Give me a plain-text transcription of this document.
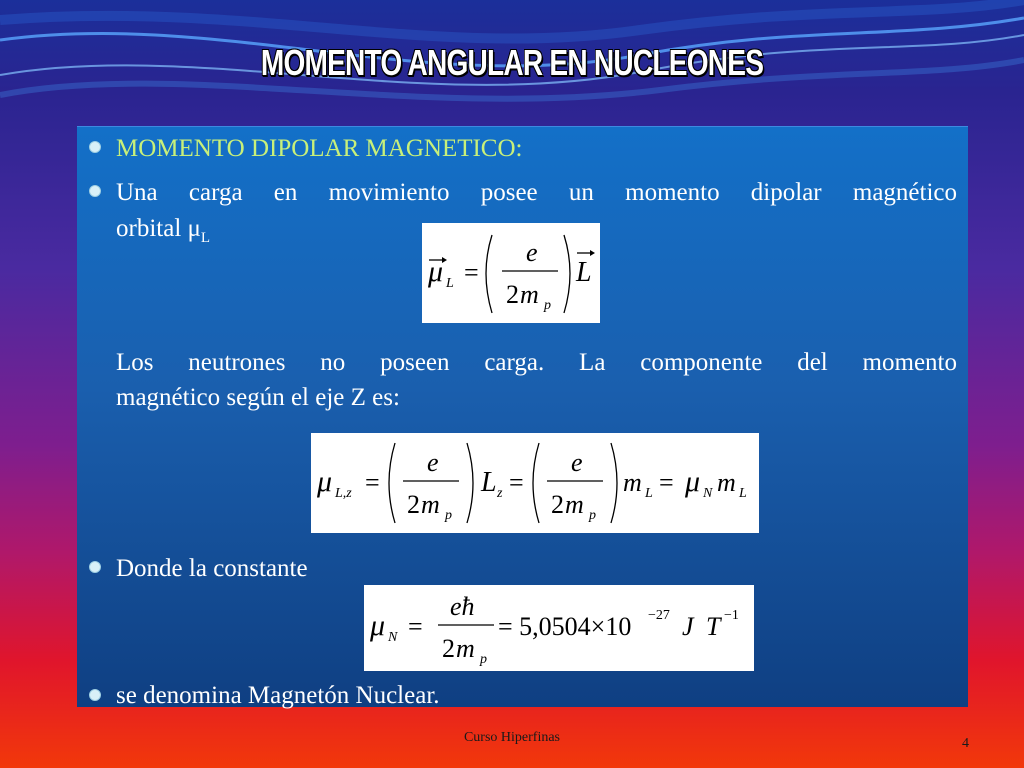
MOMENTO ANGULAR EN NUCLEONES
MOMENTO DIPOLAR MAGNETICO:
Una carga en movimiento posee un momento dipolar magnético
orbital $\mu_L$
μ L =
e
2 m p
L
Los neutrones no poseen carga. La componente del momento
magnético según el eje Z es:
μ L,z =
e
2 m p
L z =
e
2 m p
m L = μ N m L
Donde la constante
μ N =
eħ
2 m p
= 5,0504×10 −27 J T −1
se denomina Magnetón Nuclear.
Curso Hiperfinas	4
